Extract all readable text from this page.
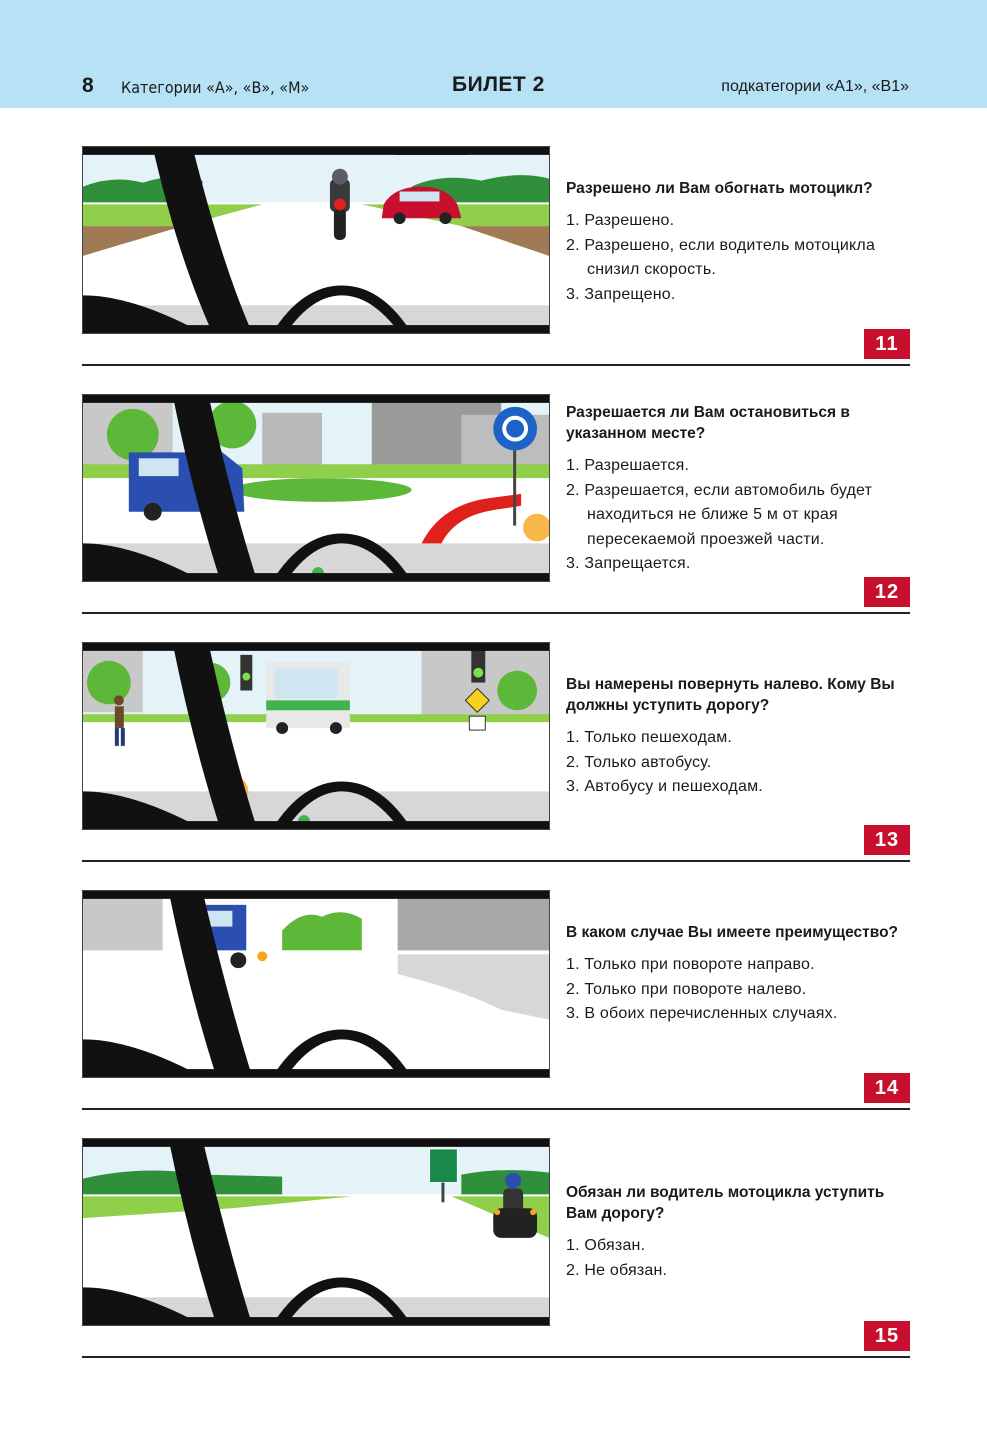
8 Категории «А», «В», «М»	БИЛЕТ 2	подкатегории «А1», «В1»

Разрешено ли Вам обогнать мотоцикл?

1. Разрешено.
2. Разрешено, если водитель мотоцикла снизил скорость.
3. Запрещено.
11

Разрешается ли Вам остановиться в указанном месте?

1. Разрешается.
2. Разрешается, если автомобиль будет находиться не ближе 5 м от края пересекаемой проезжей части.
3. Запрещается.
12

Вы намерены повернуть налево. Кому Вы должны уступить дорогу?

1. Только пешеходам.
2. Только автобусу.
3. Автобусу и пешеходам.
13

В каком случае Вы имеете преимущество?

1. Только при повороте направо.
2. Только при повороте налево.
3. В обоих перечисленных случаях.
14

Обязан ли водитель мотоцикла уступить Вам дорогу?

1. Обязан.
2. Не обязан.
15
